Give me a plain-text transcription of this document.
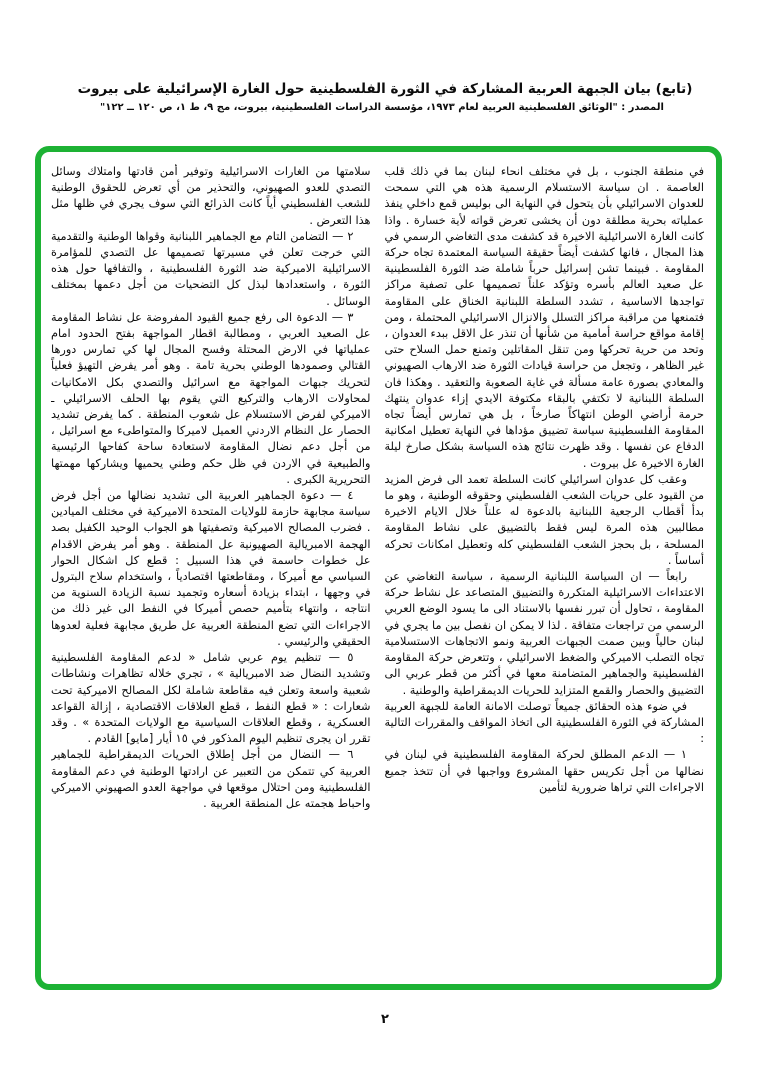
(تابع) بيان الجبهة العربية المشاركة في الثورة الفلسطينية حول الغارة الإسرائيلية على بيروت
المصدر : "الوثائق الفلسطينية العربية لعام ١٩٧٣، مؤسسة الدراسات الفلسطينية، بيروت، مج ٩، ط ١، ص ١٢٠ ــ ١٢٢"

في منطقة الجنوب ، بل في مختلف انحاء لبنان بما في ذلك قلب العاصمة . ان سياسة الاستسلام الرسمية هذه هي التي سمحت للعدوان الاسرائيلي بأن يتحول في النهاية الى بوليس قمع داخلي ينفذ عملياته بحرية مطلقة دون أن يخشى تعرض قواته لأية خسارة . واذا كانت الغارة الاسرائيلية الاخيرة قد كشفت مدى التغاضي الرسمي في هذا المجال ، فانها كشفت أيضاً حقيقة السياسة المعتمدة تجاه حركة المقاومة . فبينما تشن إسرائيل حرباً شاملة ضد الثورة الفلسطينية عل صعيد العالم بأسره وتؤكد علناً تصميمها على تصفية مراكز تواجدها الاساسية ، تشدد السلطة اللبنانية الخناق على المقاومة فتمنعها من مراقبة مراكز التسلل والانزال الاسرائيلي المحتملة ، ومن إقامة مواقع حراسة أمامية من شأنها أن تنذر عل الاقل ببدء العدوان ، وتحد من حرية تحركها ومن تنقل المقاتلين وتمنع حمل السلاح حتى غير الظاهر ، وتجعل من حراسة قيادات الثورة ضد الارهاب الصهيوني والمعادي بصورة عامة مسألة في غاية الصعوبة والتعقيد . وهكذا فان السلطة اللبنانية لا تكتفي بالبقاء مكتوفة الايدي إزاء عدوان ينتهك حرمة أراضي الوطن انتهاكاً صارخاً ، بل هي تمارس أيضاً تجاه المقاومة الفلسطينية سياسة تضييق مؤداها في النهاية تعطيل امكانية الدفاع عن نفسها . وقد ظهرت نتائج هذه السياسة بشكل صارخ ليلة الغارة الاخيرة عل بيروت .

وعقب كل عدوان اسرائيلي كانت السلطة تعمد الى فرض المزيد من القيود على حريات الشعب الفلسطيني وحقوقه الوطنية ، وهو ما بدأ أقطاب الرجعية اللبنانية بالدعوة له علناً خلال الايام الاخيرة مطالبين هذه المرة ليس فقط بالتضييق على نشاط المقاومة المسلحة ، بل بحجز الشعب الفلسطيني كله وتعطيل امكانات تحركه أساساً .

رابعاً — ان السياسة اللبنانية الرسمية ، سياسة التغاضي عن الاعتداءات الاسرائيلية المتكررة والتضييق المتصاعد عل نشاط حركة المقاومة ، تحاول أن تبرر نفسها بالاستناد الى ما يسود الوضع العربي الرسمي من تراجعات متفاقة . لذا لا يمكن ان نفصل بين ما يجري في لبنان حالياً وبين صمت الجبهات العربية ونمو الاتجاهات الاستسلامية تجاه التصلب الاميركي والضغط الاسرائيلي ، وتتعرض حركة المقاومة الفلسطينية والجماهير المتضامنة معها في أكثر من قطر عربي الى التضييق والحصار والقمع المتزايد للحريات الديمقراطية والوطنية .

في ضوء هذه الحقائق جميعاً توصلت الامانة العامة للجبهة العربية المشاركة في الثورة الفلسطينية الى اتخاذ المواقف والمقررات التالية :

١ — الدعم المطلق لحركة المقاومة الفلسطينية في لبنان في نضالها من أجل تكريس حقها المشروع وواجبها في أن تتخذ جميع الاجراءات التي تراها ضرورية لتأمين

سلامتها من الغارات الاسرائيلية وتوفير أمن قادتها وامتلاك وسائل التصدي للعدو الصهيوني، والتحذير من أي تعرض للحقوق الوطنية للشعب الفلسطيني أياً كانت الذرائع التي سوف يجري في ظلها مثل هذا التعرض .

٢ — التضامن التام مع الجماهير اللبنانية وقواها الوطنية والتقدمية التي خرجت تعلن في مسيرتها تصميمها عل التصدي للمؤامرة الاسرائيلية الاميركية ضد الثورة الفلسطينية ، والتفافها حول هذه الثورة ، واستعدادها لبذل كل التضحيات من أجل دعمها بمختلف الوسائل .

٣ — الدعوة الى رفع جميع القيود المفروضة عل نشاط المقاومة عل الصعيد العربي ، ومطالبة اقطار المواجهة بفتح الحدود امام عملياتها في الارض المحتلة وفسح المجال لها كي تمارس دورها القتالي وصمودها الوطني بحرية تامة . وهو أمر يفرض التهيؤ فعلياً لتحريك جبهات المواجهة مع اسرائيل والتصدي بكل الامكانيات لمحاولات الارهاب والتركيع التي يقوم بها الحلف الاسرائيلي ـ الاميركي لفرض الاستسلام عل شعوب المنطقة . كما يفرض تشديد الحصار عل النظام الاردني العميل لاميركا والمتواطىء مع اسرائيل ، من أجل دعم نضال المقاومة لاستعادة ساحة كفاحها الرئيسية والطبيعية في الاردن في ظل حكم وطني يحميها ويشاركها مهمتها التحريرية الكبرى .

٤ — دعوة الجماهير العربية الى تشديد نضالها من أجل فرض سياسة مجابهة حازمة للولايات المتحدة الاميركية في مختلف الميادين . فضرب المصالح الاميركية وتصفيتها هو الجواب الوحيد الكفيل بصد الهجمة الامبريالية الصهيونية عل المنطقة . وهو أمر يفرض الاقدام عل خطوات حاسمة في هذا السبيل : قطع كل اشكال الحوار السياسي مع أميركا ، ومقاطعتها اقتصادياً ، واستخدام سلاح البترول في وجهها ، ابتداء بزيادة أسعاره وتجميد نسبة الزيادة السنوية من انتاجه ، وانتهاء بتأميم حصص أميركا في النفط الى غير ذلك من الاجراءات التي تضع المنطقة العربية عل طريق مجابهة فعلية لعدوها الحقيقي والرئيسي .

٥ — تنظيم يوم عربي شامل « لدعم المقاومة الفلسطينية وتشديد النضال ضد الامبريالية » ، تجري خلاله تظاهرات ونشاطات شعبية واسعة وتعلن فيه مقاطعة شاملة لكل المصالح الاميركية تحت شعارات : « قطع النفط ، قطع العلاقات الاقتصادية ، إزالة القواعد العسكرية ، وقطع العلاقات السياسية مع الولايات المتحدة » . وقد تقرر ان يجرى تنظيم اليوم المذكور في ١٥ أيار [مايو] القادم .

٦ — النضال من أجل إطلاق الحريات الديمقراطية للجماهير العربية كي تتمكن من التعبير عن ارادتها الوطنية في دعم المقاومة الفلسطينية ومن احتلال موقعها في مواجهة العدو الصهيوني الاميركي واحباط هجمته عل المنطقة العربية .

٢
